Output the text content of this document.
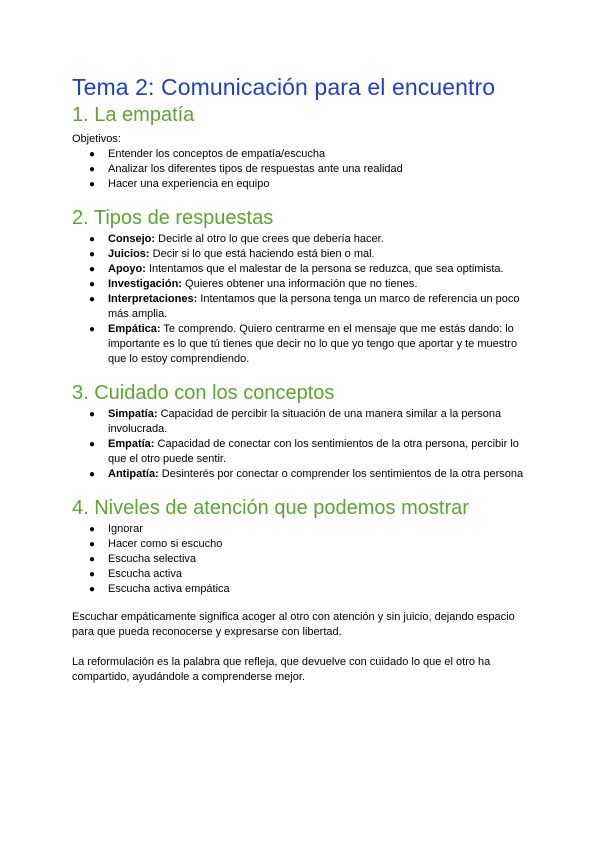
Tema 2: Comunicación para el encuentro
1. La empatía

Objetivos:

● Entender los conceptos de empatía/escucha
● Analizar los diferentes tipos de respuestas ante una realidad
● Hacer una experiencia en equipo
2. Tipos de respuestas
● Consejo: Decirle al otro lo que crees que debería hacer.
● Juicios: Decir si lo que está haciendo está bien o mal.
● Apoyo: Intentamos que el malestar de la persona se reduzca, que sea optimista.
● Investigación: Quieres obtener una información que no tienes.
● Interpretaciones: Intentamos que la persona tenga un marco de referencia un poco más amplia.
● Empática: Te comprendo. Quiero centrarme en el mensaje que me estás dando: lo importante es lo que tú tienes que decir no lo que yo tengo que aportar y te muestro que lo estoy comprendiendo.
3. Cuidado con los conceptos
● Simpatía: Capacidad de percibir la situación de una manera similar a la persona involucrada.
● Empatía: Capacidad de conectar con los sentimientos de la otra persona, percibir lo que el otro puede sentir.
● Antipatía: Desinterés por conectar o comprender los sentimientos de la otra persona
4. Niveles de atención que podemos mostrar
● Ignorar
● Hacer como si escucho
● Escucha selectiva
● Escucha activa
● Escucha activa empática

Escuchar empáticamente significa acoger al otro con atención y sin juicio, dejando espacio para que pueda reconocerse y expresarse con libertad.

La reformulación es la palabra que refleja, que devuelve con cuidado lo que el otro ha compartido, ayudándole a comprenderse mejor.
